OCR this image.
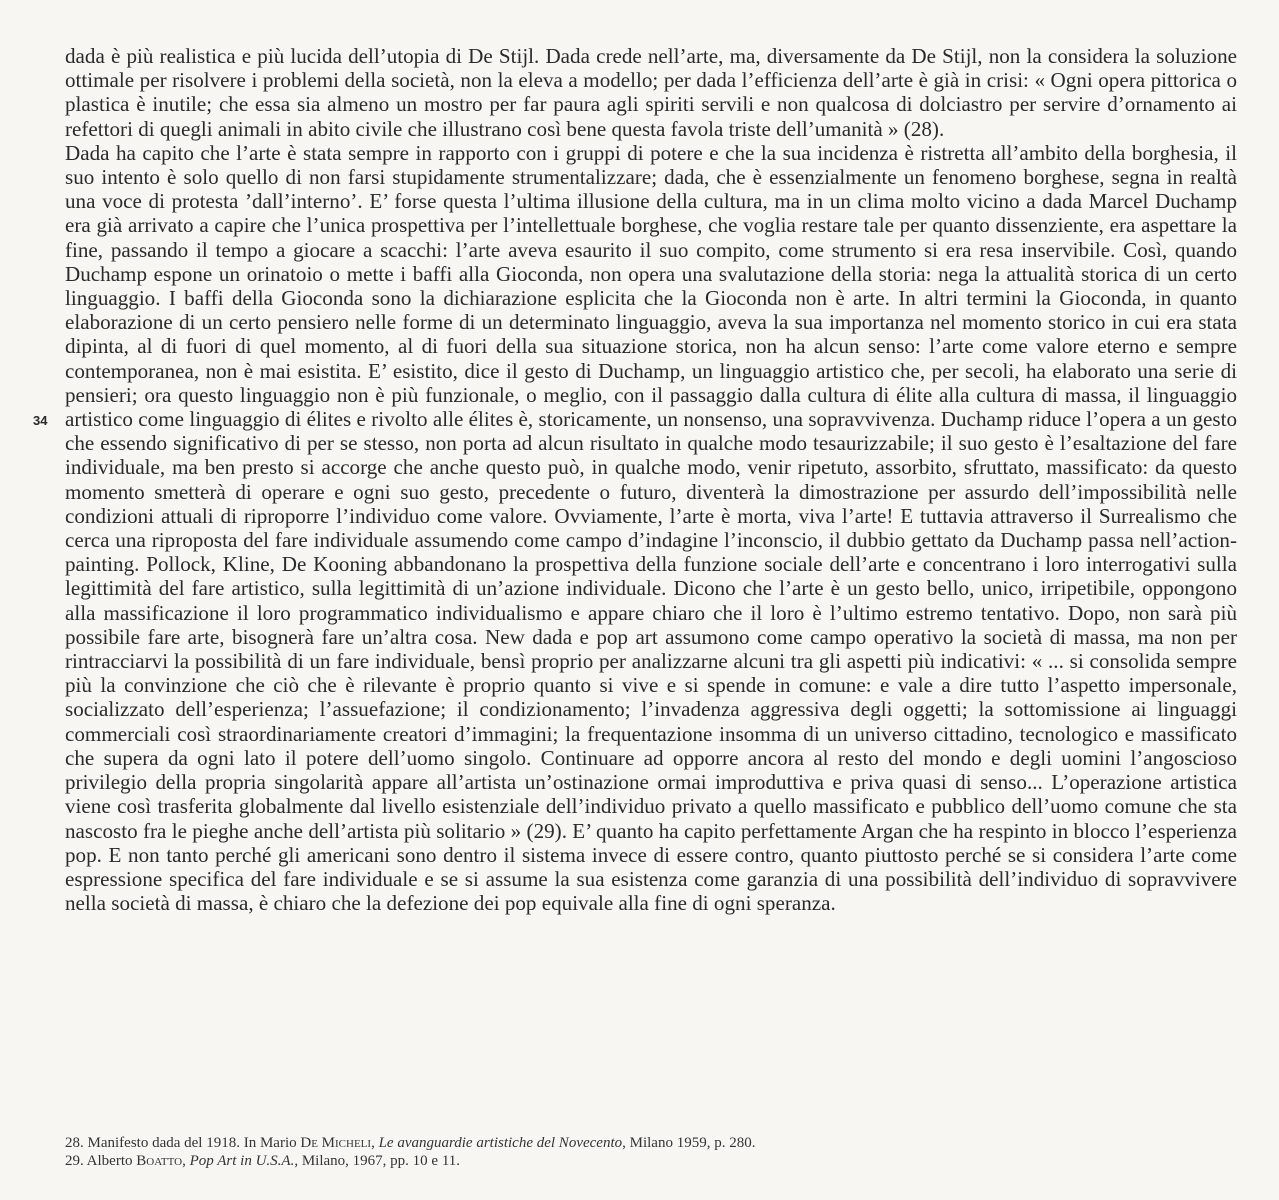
34

dada è più realistica e più lucida dell’utopia di De Stijl. Dada crede nell’arte, ma, diversamente da De Stijl, non la considera la soluzione ottimale per risolvere i problemi della società, non la eleva a modello; per dada l’efficienza dell’arte è già in crisi: « Ogni opera pittorica o plastica è inutile; che essa sia almeno un mostro per far paura agli spiriti servili e non qualcosa di dolciastro per servire d’ornamento ai refettori di quegli animali in abito civile che illustrano così bene questa favola triste dell’umanità » (28).

Dada ha capito che l’arte è stata sempre in rapporto con i gruppi di potere e che la sua incidenza è ristretta all’ambito della borghesia, il suo intento è solo quello di non farsi stupidamente strumentalizzare; dada, che è essenzialmente un fenomeno borghese, segna in realtà una voce di protesta ’dall’interno’. E’ forse questa l’ultima illusione della cultura, ma in un clima molto vicino a dada Marcel Duchamp era già arrivato a capire che l’unica prospettiva per l’intellettuale borghese, che voglia restare tale per quanto dissenziente, era aspettare la fine, passando il tempo a giocare a scacchi: l’arte aveva esaurito il suo compito, come strumento si era resa inservibile. Così, quando Duchamp espone un orinatoio o mette i baffi alla Gioconda, non opera una svalutazione della storia: nega la attualità storica di un certo linguaggio. I baffi della Gioconda sono la dichiarazione esplicita che la Gioconda non è arte. In altri termini la Gioconda, in quanto elaborazione di un certo pensiero nelle forme di un determinato linguaggio, aveva la sua importanza nel momento storico in cui era stata dipinta, al di fuori di quel momento, al di fuori della sua situazione storica, non ha alcun senso: l’arte come valore eterno e sempre contemporanea, non è mai esistita. E’ esistito, dice il gesto di Duchamp, un linguaggio artistico che, per secoli, ha elaborato una serie di pensieri; ora questo linguaggio non è più funzionale, o meglio, con il passaggio dalla cultura di élite alla cultura di massa, il linguaggio artistico come linguaggio di élites e rivolto alle élites è, storicamente, un nonsenso, una sopravvivenza. Duchamp riduce l’opera a un gesto che essendo significativo di per se stesso, non porta ad alcun risultato in qualche modo tesaurizzabile; il suo gesto è l’esaltazione del fare individuale, ma ben presto si accorge che anche questo può, in qualche modo, venir ripetuto, assorbito, sfruttato, massificato: da questo momento smetterà di operare e ogni suo gesto, precedente o futuro, diventerà la dimostrazione per assurdo dell’impossibilità nelle condizioni attuali di riproporre l’individuo come valore. Ovviamente, l’arte è morta, viva l’arte! E tuttavia attraverso il Surrealismo che cerca una riproposta del fare individuale assumendo come campo d’indagine l’inconscio, il dubbio gettato da Duchamp passa nell’action-painting. Pollock, Kline, De Kooning abbandonano la prospettiva della funzione sociale dell’arte e concentrano i loro interrogativi sulla legittimità del fare artistico, sulla legittimità di un’azione individuale. Dicono che l’arte è un gesto bello, unico, irripetibile, oppongono alla massificazione il loro programmatico individualismo e appare chiaro che il loro è l’ultimo estremo tentativo. Dopo, non sarà più possibile fare arte, bisognerà fare un’altra cosa. New dada e pop art assumono come campo operativo la società di massa, ma non per rintracciarvi la possibilità di un fare individuale, bensì proprio per analizzarne alcuni tra gli aspetti più indicativi: « ... si consolida sempre più la convinzione che ciò che è rilevante è proprio quanto si vive e si spende in comune: e vale a dire tutto l’aspetto impersonale, socializzato dell’esperienza; l’assuefazione; il condizionamento; l’invadenza aggressiva degli oggetti; la sottomissione ai linguaggi commerciali così straordinariamente creatori d’immagini; la frequentazione insomma di un universo cittadino, tecnologico e massificato che supera da ogni lato il potere dell’uomo singolo. Continuare ad opporre ancora al resto del mondo e degli uomini l’angoscioso privilegio della propria singolarità appare all’artista un’ostinazione ormai improduttiva e priva quasi di senso... L’operazione artistica viene così trasferita globalmente dal livello esistenziale dell’individuo privato a quello massificato e pubblico dell’uomo comune che sta nascosto fra le pieghe anche dell’artista più solitario » (29). E’ quanto ha capito perfettamente Argan che ha respinto in blocco l’esperienza pop. E non tanto perché gli americani sono dentro il sistema invece di essere contro, quanto piuttosto perché se si considera l’arte come espressione specifica del fare individuale e se si assume la sua esistenza come garanzia di una possibilità dell’individuo di sopravvivere nella società di massa, è chiaro che la defezione dei pop equivale alla fine di ogni speranza.

28. Manifesto dada del 1918. In Mario De Micheli, Le avanguardie artistiche del Novecento, Milano 1959, p. 280.

29. Alberto Boatto, Pop Art in U.S.A., Milano, 1967, pp. 10 e 11.
